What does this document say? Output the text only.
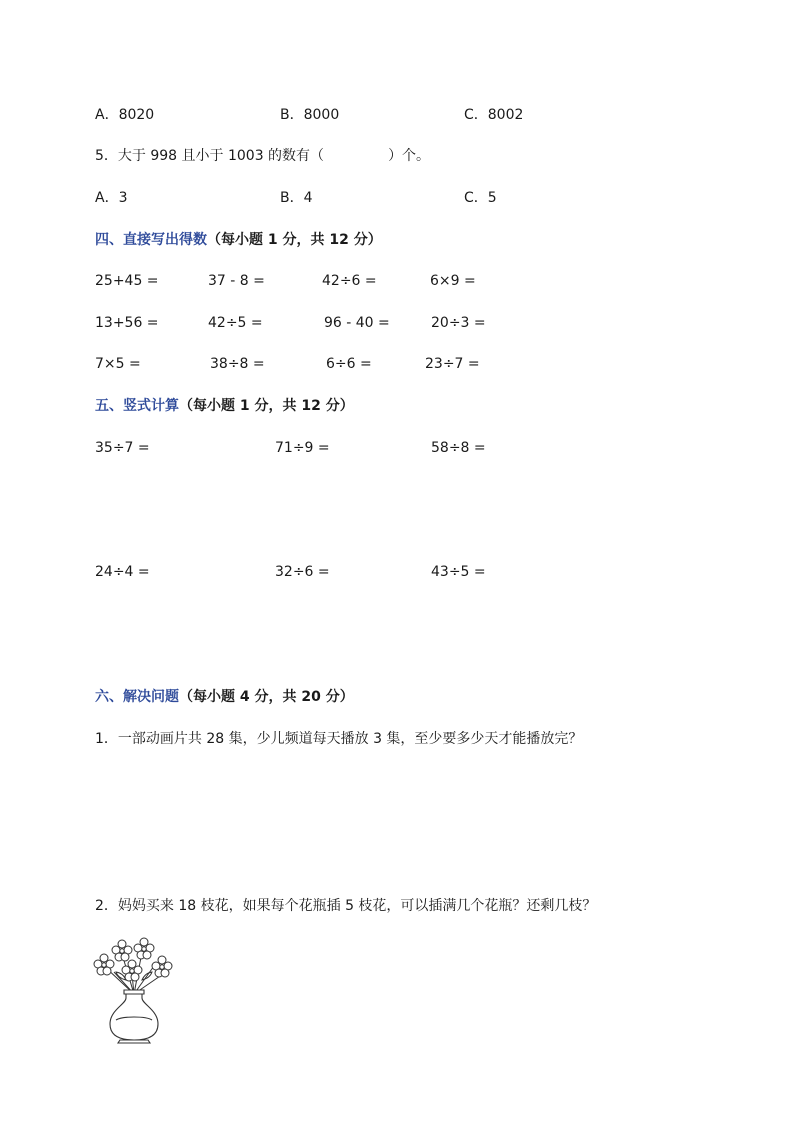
A．8020	B．8000	C．8002
5．大于 998 且小于 1003 的数有（	）个。
A．3	B．4	C．5
四、直接写出得数（每小题 1 分，共 12 分）
25+45 =	37 - 8 =	42÷6 =	6×9 =
13+56 =	42÷5 =	96 - 40 =	20÷3 =
7×5 =	38÷8 =	6÷6 =	23÷7 =
五、竖式计算（每小题 1 分，共 12 分）
35÷7 =	71÷9 =	58÷8 =
24÷4 =	32÷6 =	43÷5 =
六、解决问题（每小题 4 分，共 20 分）
1．一部动画片共 28 集，少儿频道每天播放 3 集，至少要多少天才能播放完？
2．妈妈买来 18 枝花，如果每个花瓶插 5 枝花，可以插满几个花瓶？还剩几枝？
